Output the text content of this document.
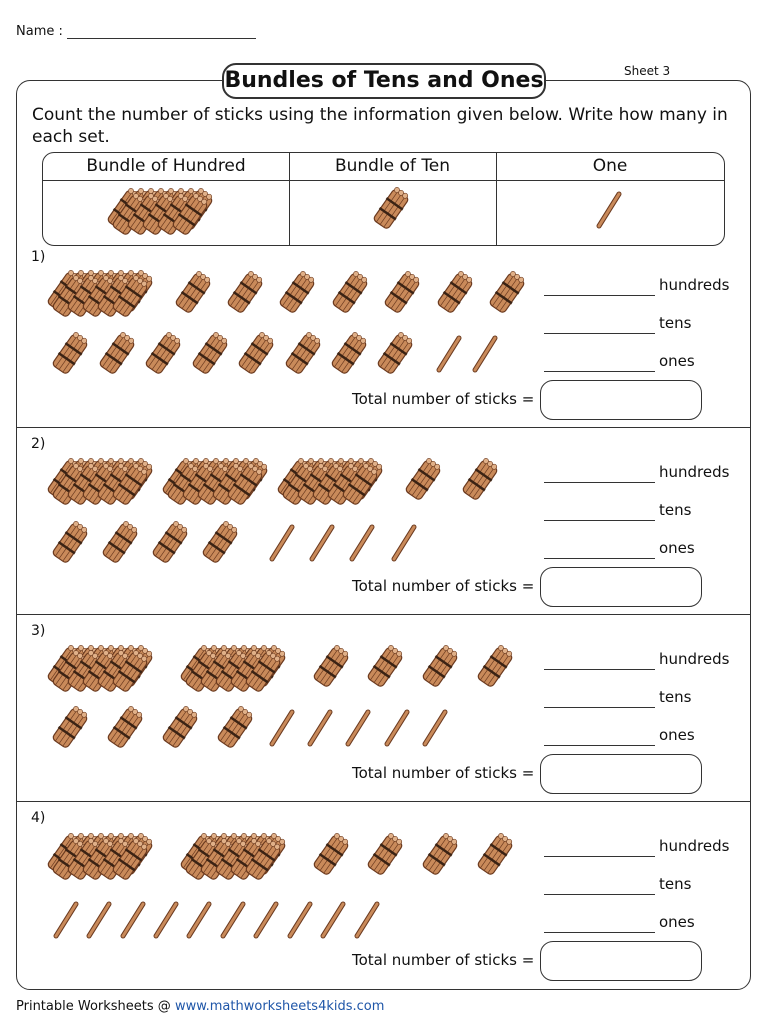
Name :
Sheet 3
Bundles of Tens and Ones
Count the number of sticks using the information given below. Write how many in each set.
Bundle of Hundred	Bundle of Ten	One
1)
hundreds
tens
ones
Total number of sticks =
2)
hundreds
tens
ones
Total number of sticks =
3)
hundreds
tens
ones
Total number of sticks =
4)
hundreds
tens
ones
Total number of sticks =
Printable Worksheets @ www.mathworksheets4kids.com
